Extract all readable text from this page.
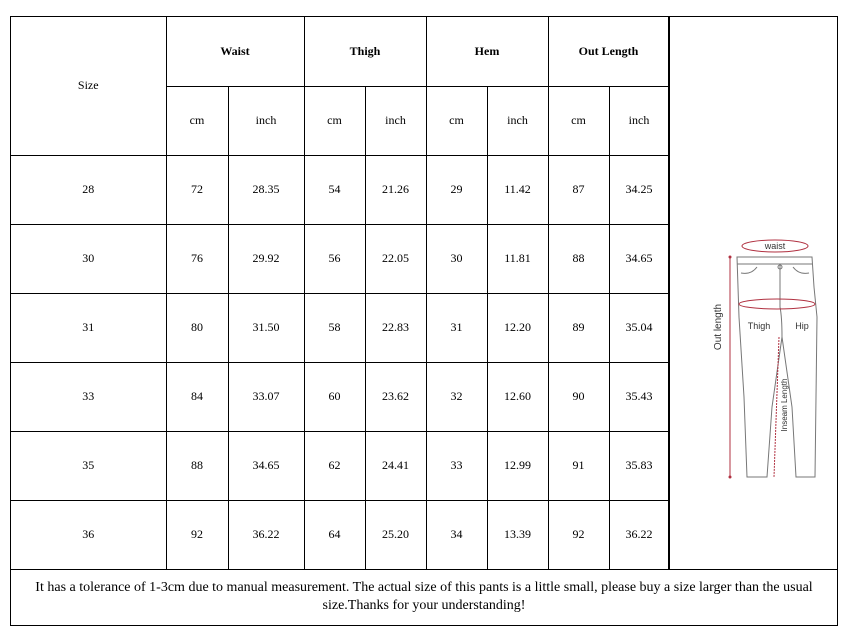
Size	Waist		Thigh		Hem		Out Length	
	cm	inch	cm	inch	cm	inch	cm	inch
28	72	28.35	54	21.26	29	11.42	87	34.25
30	76	29.92	56	22.05	30	11.81	88	34.65
31	80	31.50	58	22.83	31	12.20	89	35.04
33	84	33.07	60	23.62	32	12.60	90	35.43
35	88	34.65	62	24.41	33	12.99	91	35.83
36	92	36.22	64	25.20	34	13.39	92	36.22
waist
Out length
Inseam Length
Thigh	Hip
It has a tolerance of 1-3cm due to manual measurement. The actual size of this pants is a little small, please buy a size larger than the usual size.Thanks for your understanding!
